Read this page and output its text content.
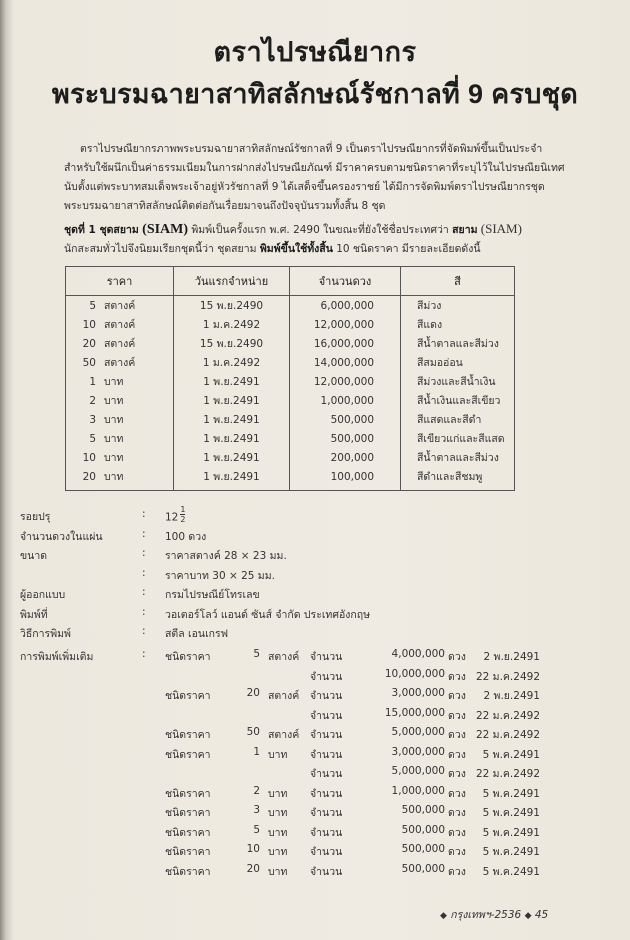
ตราไปรษณียากร
พระบรมฉายาสาทิสลักษณ์รัชกาลที่ 9 ครบชุด

ตราไปรษณียากรภาพพระบรมฉายาสาทิสลักษณ์รัชกาลที่ 9 เป็นตราไปรษณียากรที่จัดพิมพ์ขึ้นเป็นประจำ

สำหรับใช้ผนึกเป็นค่าธรรมเนียมในการฝากส่งไปรษณียภัณฑ์ มีราคาครบตามชนิดราคาที่ระบุไว้ในไปรษณียนิเทศ

นับตั้งแต่พระบาทสมเด็จพระเจ้าอยู่หัวรัชกาลที่ 9 ได้เสด็จขึ้นครองราชย์ ได้มีการจัดพิมพ์ตราไปรษณียากรชุด

พระบรมฉายาสาทิสลักษณ์ติดต่อกันเรื่อยมาจนถึงปัจจุบันรวมทั้งสิ้น 8 ชุด

ชุดที่ 1 ชุดสยาม (SIAM) พิมพ์เป็นครั้งแรก พ.ศ. 2490 ในขณะที่ยังใช้ชื่อประเทศว่า สยาม (SIAM)
นักสะสมทั่วไปจึงนิยมเรียกชุดนี้ว่า ชุดสยาม พิมพ์ขึ้นใช้ทั้งสิ้น 10 ชนิดราคา มีรายละเอียดดังนี้
ราคา	วันแรกจำหน่าย	จำนวนดวง	สี
5 สตางค์	15 พ.ย.2490	6,000,000	สีม่วง
10 สตางค์	1 ม.ค.2492	12,000,000	สีแดง
20 สตางค์	15 พ.ย.2490	16,000,000	สีน้ำตาลและสีม่วง
50 สตางค์	1 ม.ค.2492	14,000,000	สีสมออ่อน
1 บาท	1 พ.ย.2491	12,000,000	สีม่วงและสีน้ำเงิน
2 บาท	1 พ.ย.2491	1,000,000	สีน้ำเงินและสีเขียว
3 บาท	1 พ.ย.2491	500,000	สีแสดและสีดำ
5 บาท	1 พ.ย.2491	500,000	สีเขียวแก่และสีแสด
10 บาท	1 พ.ย.2491	200,000	สีน้ำตาลและสีม่วง
20 บาท	1 พ.ย.2491	100,000	สีดำและสีชมพู
รอยปรุ	: $12 \frac{1}{2}$
จำนวนดวงในแผ่น	: 100 ดวง
ขนาด	: ราคาสตางค์ 28 × 23 มม.
: ราคาบาท 30 × 25 มม.
ผู้ออกแบบ	: กรมไปรษณีย์โทรเลข
พิมพ์ที่	: วอเตอร์โลว์ แอนด์ ซันส์ จำกัด ประเทศอังกฤษ
วิธีการพิมพ์	: สตีล เอนเกรฟ
การพิมพ์เพิ่มเติม	: ชนิดราคา	5 สตางค์ จำนวน	4,000,000 ดวง	2 พ.ย.2491
จำนวน	10,000,000 ดวง 22 ม.ค.2492
ชนิดราคา	20 สตางค์ จำนวน	3,000,000 ดวง	2 พ.ย.2491
จำนวน	15,000,000 ดวง 22 ม.ค.2492
ชนิดราคา	50 สตางค์ จำนวน	5,000,000 ดวง 22 ม.ค.2492
ชนิดราคา	1 บาท จำนวน	3,000,000 ดวง	5 พ.ค.2491
จำนวน	5,000,000 ดวง 22 ม.ค.2492
ชนิดราคา	2 บาท จำนวน	1,000,000 ดวง	5 พ.ค.2491
ชนิดราคา	3 บาท จำนวน	500,000 ดวง	5 พ.ค.2491
ชนิดราคา	5 บาท จำนวน	500,000 ดวง	5 พ.ค.2491
ชนิดราคา	10 บาท จำนวน	500,000 ดวง	5 พ.ค.2491
ชนิดราคา	20 บาท จำนวน	500,000 ดวง	5 พ.ค.2491
◆ กรุงเทพฯ-2536 ◆ 45
